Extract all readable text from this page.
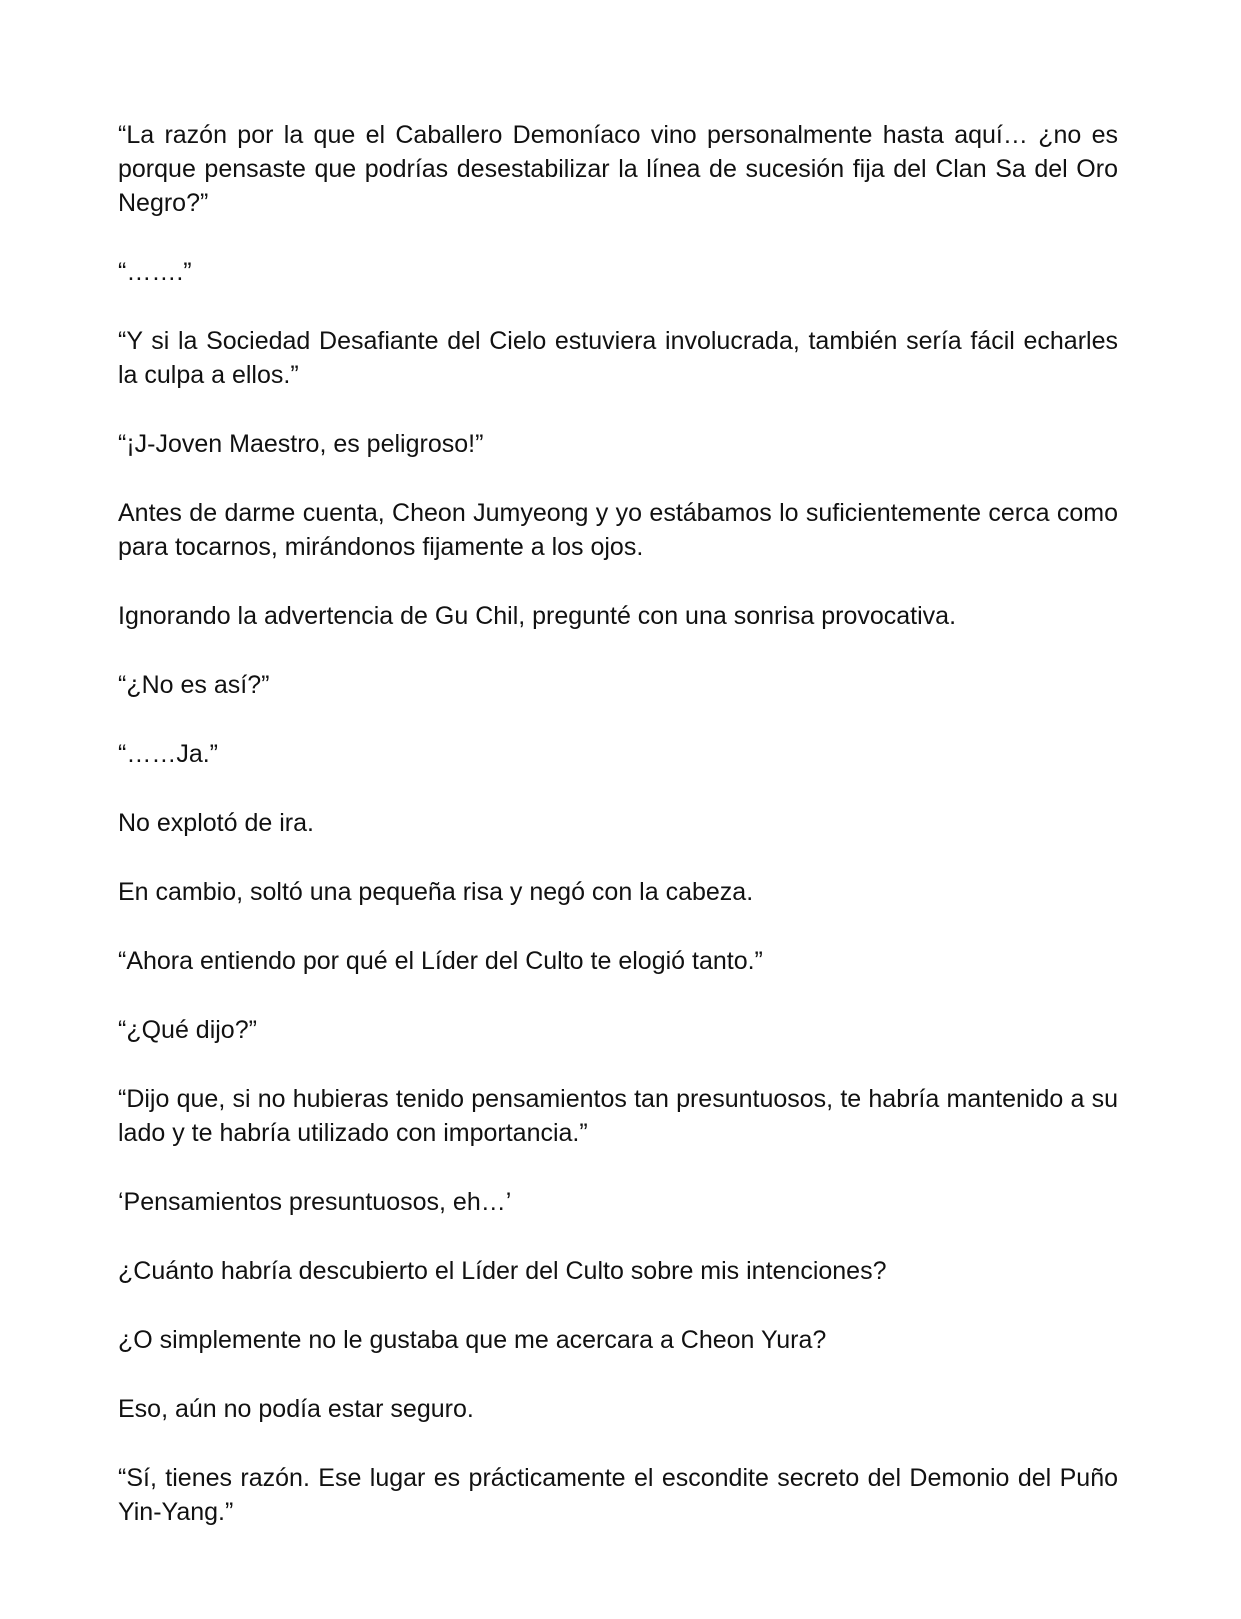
“La razón por la que el Caballero Demoníaco vino personalmente hasta aquí… ¿no es porque pensaste que podrías desestabilizar la línea de sucesión fija del Clan Sa del Oro Negro?”

“…….”

“Y si la Sociedad Desafiante del Cielo estuviera involucrada, también sería fácil echarles la culpa a ellos.”

“¡J-Joven Maestro, es peligroso!”

Antes de darme cuenta, Cheon Jumyeong y yo estábamos lo suficientemente cerca como para tocarnos, mirándonos fijamente a los ojos.

Ignorando la advertencia de Gu Chil, pregunté con una sonrisa provocativa.

“¿No es así?”

“……Ja.”

No explotó de ira.

En cambio, soltó una pequeña risa y negó con la cabeza.

“Ahora entiendo por qué el Líder del Culto te elogió tanto.”

“¿Qué dijo?”

“Dijo que, si no hubieras tenido pensamientos tan presuntuosos, te habría mantenido a su lado y te habría utilizado con importancia.”

‘Pensamientos presuntuosos, eh…’

¿Cuánto habría descubierto el Líder del Culto sobre mis intenciones?

¿O simplemente no le gustaba que me acercara a Cheon Yura?

Eso, aún no podía estar seguro.

“Sí, tienes razón. Ese lugar es prácticamente el escondite secreto del Demonio del Puño Yin-Yang.”
